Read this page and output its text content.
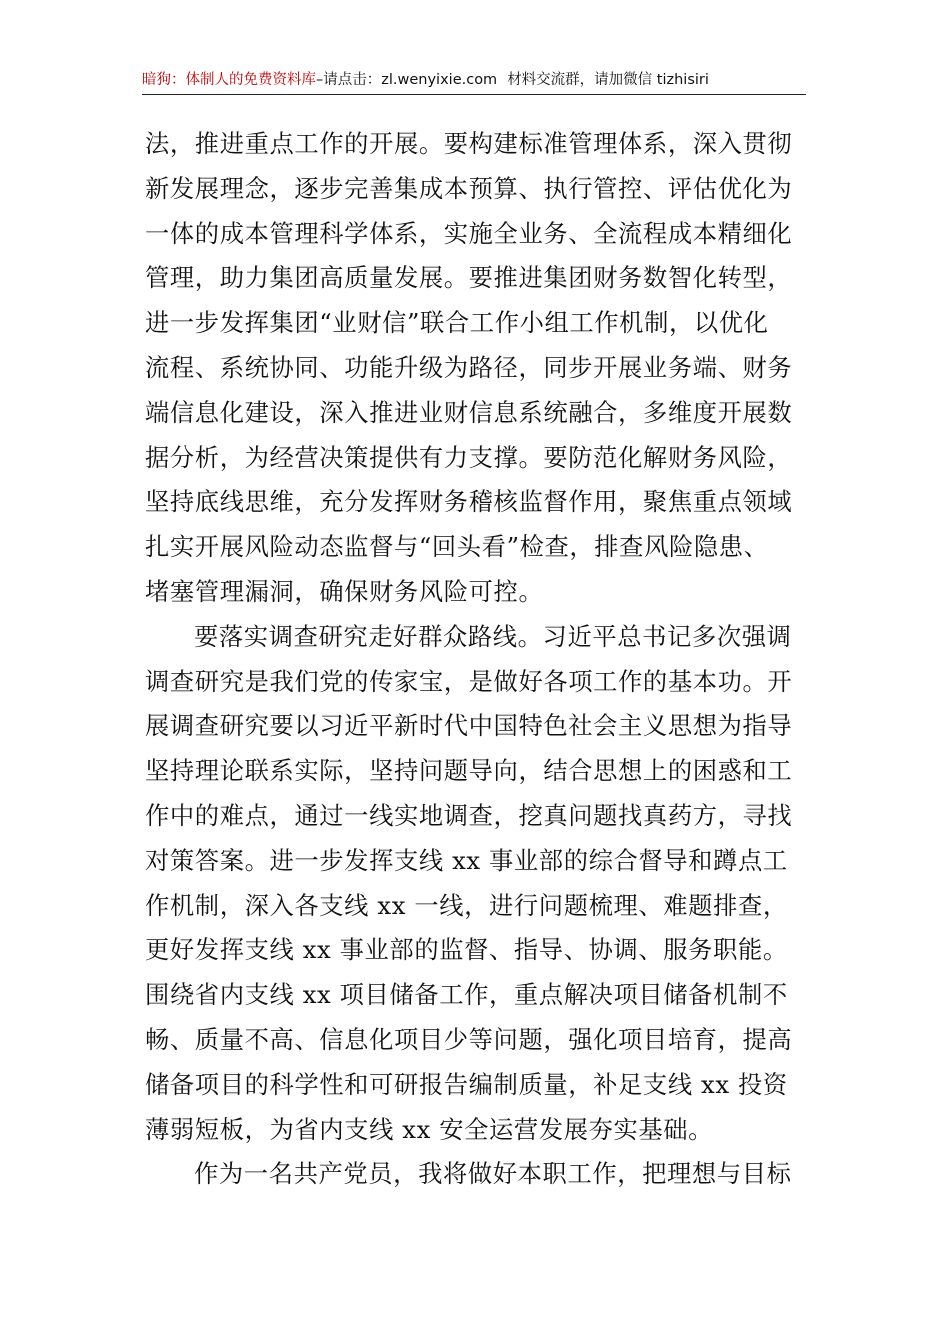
暗狗：体制人的免费资料库–请点击：zl.wenyixie.com 材料交流群，请加微信 tizhisiri
法，推进重点工作的开展。要构建标准管理体系，深入贯彻
新发展理念，逐步完善集成本预算、执行管控、评估优化为
一体的成本管理科学体系，实施全业务、全流程成本精细化
管理，助力集团高质量发展。要推进集团财务数智化转型，
进一步发挥集团“业财信”联合工作小组工作机制，以优化
流程、系统协同、功能升级为路径，同步开展业务端、财务
端信息化建设，深入推进业财信息系统融合，多维度开展数
据分析，为经营决策提供有力支撑。要防范化解财务风险，
坚持底线思维，充分发挥财务稽核监督作用，聚焦重点领域
扎实开展风险动态监督与“回头看”检查，排查风险隐患、
堵塞管理漏洞，确保财务风险可控。
要落实调查研究走好群众路线。习近平总书记多次强调
调查研究是我们党的传家宝，是做好各项工作的基本功。开
展调查研究要以习近平新时代中国特色社会主义思想为指导
坚持理论联系实际，坚持问题导向，结合思想上的困惑和工
作中的难点，通过一线实地调查，挖真问题找真药方，寻找
对策答案。进一步发挥支线 xx 事业部的综合督导和蹲点工
作机制，深入各支线 xx 一线，进行问题梳理、难题排查，
更好发挥支线 xx 事业部的监督、指导、协调、服务职能。
围绕省内支线 xx 项目储备工作，重点解决项目储备机制不
畅、质量不高、信息化项目少等问题，强化项目培育，提高
储备项目的科学性和可研报告编制质量，补足支线 xx 投资
薄弱短板，为省内支线 xx 安全运营发展夯实基础。
作为一名共产党员，我将做好本职工作，把理想与目标
